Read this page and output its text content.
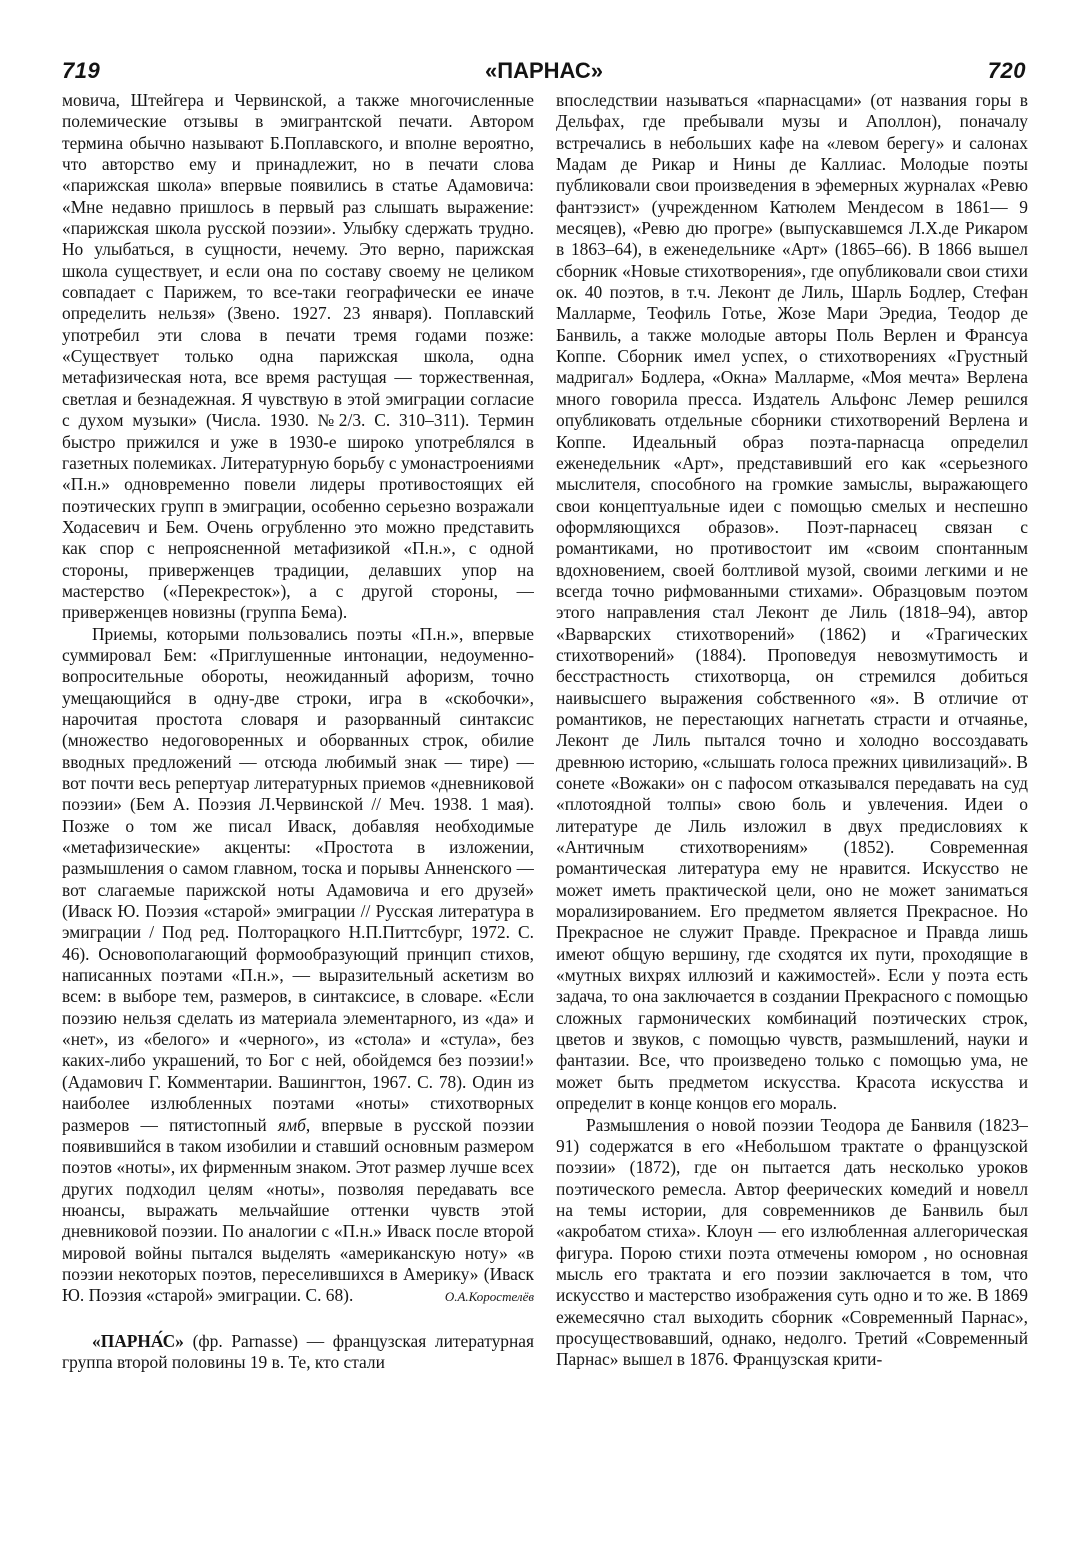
719	«ПАРНАС»	720

мовича, Штейгера и Червинской, а также многочисленные полемические отзывы в эмигрантской печати. Автором термина обычно называют Б.Поплавского, и вполне вероятно, что авторство ему и принадлежит, но в печати слова «парижская школа» впервые появились в статье Адамовича: «Мне недавно пришлось в первый раз слышать выражение: «парижская школа русской поэзии». Улыбку сдержать трудно. Но улыбаться, в сущности, нечему. Это верно, парижская школа существует, и если она по составу своему не целиком совпадает с Парижем, то все-таки географически ее иначе определить нельзя» (Звено. 1927. 23 января). Поплавский употребил эти слова в печати тремя годами позже: «Существует только одна парижская школа, одна метафизическая нота, все время растущая — торжественная, светлая и безнадежная. Я чувствую в этой эмиграции согласие с духом музыки» (Числа. 1930. №2/3. С. 310–311). Термин быстро прижился и уже в 1930-е широко употреблялся в газетных полемиках. Литературную борьбу с умонастроениями «П.н.» одновременно повели лидеры противостоящих ей поэтических групп в эмиграции, особенно серьезно возражали Ходасевич и Бем. Очень огрубленно это можно представить как спор с непроясненной метафизикой «П.н.», с одной стороны, приверженцев традиции, делавших упор на мастерство («Перекресток»), а с другой стороны, — приверженцев новизны (группа Бема).

Приемы, которыми пользовались поэты «П.н.», впервые суммировал Бем: «Приглушенные интонации, недоуменно-вопросительные обороты, неожиданный афоризм, точно умещающийся в одну-две строки, игра в «скобочки», нарочитая простота словаря и разорванный синтаксис (множество недоговоренных и оборванных строк, обилие вводных предложений — отсюда любимый знак — тире) — вот почти весь репертуар литературных приемов «дневниковой поэзии» (Бем А. Поэзия Л.Червинской // Меч. 1938. 1 мая). Позже о том же писал Иваск, добавляя необходимые «метафизические» акценты: «Простота в изложении, размышления о самом главном, тоска и порывы Анненского — вот слагаемые парижской ноты Адамовича и его друзей» (Иваск Ю. Поэзия «старой» эмиграции // Русская литература в эмиграции / Под ред. Полторацкого Н.П.Питтсбург, 1972. С. 46). Основополагающий формообразующий принцип стихов, написанных поэтами «П.н.», — выразительный аскетизм во всем: в выборе тем, размеров, в синтаксисе, в словаре. «Если поэзию нельзя сделать из материала элементарного, из «да» и «нет», из «белого» и «черного», из «стола» и «стула», без каких-либо украшений, то Бог с ней, обойдемся без поэзии!» (Адамович Г. Комментарии. Вашингтон, 1967. С. 78). Один из наиболее излюбленных поэтами «ноты» стихотворных размеров — пятистопный ямб, впервые в русской поэзии появившийся в таком изобилии и ставший основным размером поэтов «ноты», их фирменным знаком. Этот размер лучше всех других подходил целям «ноты», позволяя передавать все нюансы, выражать мельчайшие оттенки чувств этой дневниковой поэзии. По аналогии с «П.н.» Иваск после второй мировой войны пытался выделять «американскую ноту» «в поэзии некоторых поэтов, переселившихся в Америку» (Иваск Ю. Поэзия «старой» эмиграции. С. 68).	О.А.Коростелёв

«ПАРНА́С» (фр. Parnasse) — французская литературная группа второй половины 19 в. Те, кто стали

впоследствии называться «парнасцами» (от названия горы в Дельфах, где пребывали музы и Аполлон), поначалу встречались в небольших кафе на «левом берегу» и салонах Мадам де Рикар и Нины де Каллиас. Молодые поэты публиковали свои произведения в эфемерных журналах «Ревю фантэзист» (учрежденном Катюлем Мендесом в 1861— 9 месяцев), «Ревю дю прогре» (выпускавшемся Л.Х.де Рикаром в 1863–64), в еженедельнике «Арт» (1865–66). В 1866 вышел сборник «Новые стихотворения», где опубликовали свои стихи ок. 40 поэтов, в т.ч. Леконт де Лиль, Шарль Бодлер, Стефан Малларме, Теофиль Готье, Жозе Мари Эредиа, Теодор де Банвиль, а также молодые авторы Поль Верлен и Франсуа Коппе. Сборник имел успех, о стихотворениях «Грустный мадригал» Бодлера, «Окна» Малларме, «Моя мечта» Верлена много говорила пресса. Издатель Альфонс Лемер решился опубликовать отдельные сборники стихотворений Верлена и Коппе. Идеальный образ поэта-парнасца определил еженедельник «Арт», представивший его как «серьезного мыслителя, способного на громкие замыслы, выражающего свои концептуальные идеи с помощью смелых и неспешно оформляющихся образов». Поэт-парнасец связан с романтиками, но противостоит им «своим спонтанным вдохновением, своей болтливой музой, своими легкими и не всегда точно рифмованными стихами». Образцовым поэтом этого направления стал Леконт де Лиль (1818–94), автор «Варварских стихотворений» (1862) и «Трагических стихотворений» (1884). Проповедуя невозмутимость и бесстрастность стихотворца, он стремился добиться наивысшего выражения собственного «я». В отличие от романтиков, не перестающих нагнетать страсти и отчаянье, Леконт де Лиль пытался точно и холодно воссоздавать древнюю историю, «слышать голоса прежних цивилизаций». В сонете «Вожаки» он с пафосом отказывался передавать на суд «плотоядной толпы» свою боль и увлечения. Идеи о литературе де Лиль изложил в двух предисловиях к «Античным стихотворениям» (1852). Современная романтическая литература ему не нравится. Искусство не может иметь практической цели, оно не может заниматься морализированием. Его предметом является Прекрасное. Но Прекрасное не служит Правде. Прекрасное и Правда лишь имеют общую вершину, где сходятся их пути, проходящие в «мутных вихрях иллюзий и кажимостей». Если у поэта есть задача, то она заключается в создании Прекрасного с помощью сложных гармонических комбинаций поэтических строк, цветов и звуков, с помощью чувств, размышлений, науки и фантазии. Все, что произведено только с помощью ума, не может быть предметом искусства. Красота искусства и определит в конце концов его мораль.

Размышления о новой поэзии Теодора де Банвиля (1823–91) содержатся в его «Небольшом трактате о французской поэзии» (1872), где он пытается дать несколько уроков поэтического ремесла. Автор феерических комедий и новелл на темы истории, для современников де Банвиль был «акробатом стиха». Клоун — его излюбленная аллегорическая фигура. Порою стихи поэта отмечены юмором , но основная мысль его трактата и его поэзии заключается в том, что искусство и мастерство изображения суть одно и то же. В 1869 ежемесячно стал выходить сборник «Современный Парнас», просуществовавший, однако, недолго. Третий «Современный Парнас» вышел в 1876. Французская крити-
